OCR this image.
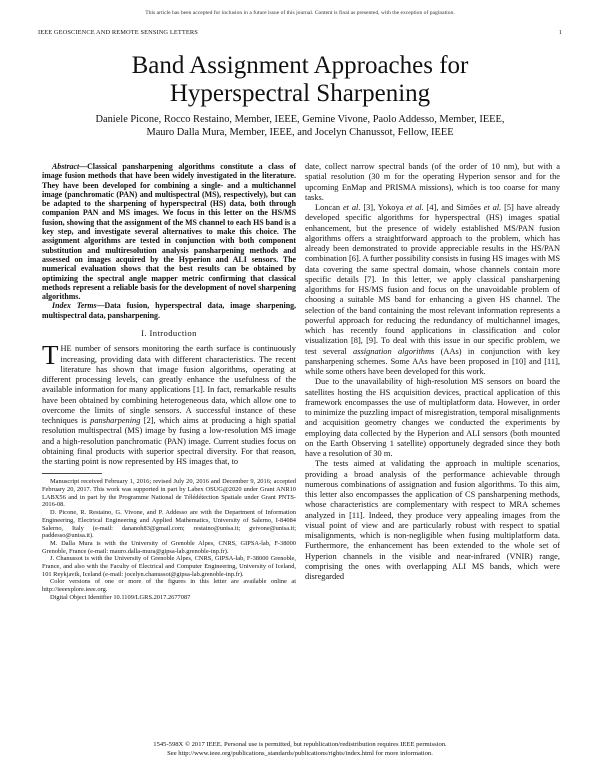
This article has been accepted for inclusion in a future issue of this journal. Content is final as presented, with the exception of pagination.
IEEE GEOSCIENCE AND REMOTE SENSING LETTERS	1
Band Assignment Approaches for
Hyperspectral Sharpening
Daniele Picone, Rocco Restaino, Member, IEEE, Gemine Vivone, Paolo Addesso, Member, IEEE,
Mauro Dalla Mura, Member, IEEE, and Jocelyn Chanussot, Fellow, IEEE

Abstract—Classical pansharpening algorithms constitute a class of image fusion methods that have been widely investigated in the literature. They have been developed for combining a single- and a multichannel image (panchromatic (PAN) and multispectral (MS), respectively), but can be adapted to the sharpening of hyperspectral (HS) data, both through companion PAN and MS images. We focus in this letter on the HS/MS fusion, showing that the assignment of the MS channel to each HS band is a key step, and investigate several alternatives to make this choice. The assignment algorithms are tested in conjunction with both component substitution and multiresolution analysis pansharpening methods and assessed on images acquired by the Hyperion and ALI sensors. The numerical evaluation shows that the best results can be obtained by optimizing the spectral angle mapper metric confirming that classical methods represent a reliable basis for the development of novel sharpening algorithms.

Index Terms—Data fusion, hyperspectral data, image sharpening, multispectral data, pansharpening.

I. Introduction

THE number of sensors monitoring the earth surface is continuously increasing, providing data with different characteristics. The recent literature has shown that image fusion algorithms, operating at different processing levels, can greatly enhance the usefulness of the available information for many applications [1]. In fact, remarkable results have been obtained by combining heterogeneous data, which allow one to overcome the limits of single sensors. A successful instance of these techniques is pansharpening [2], which aims at producing a high spatial resolution multispectral (MS) image by fusing a low-resolution MS image and a high-resolution panchromatic (PAN) image. Current studies focus on obtaining final products with superior spectral diversity. For that reason, the starting point is now represented by HS images that, to

Manuscript received February 1, 2016; revised July 20, 2016 and December 9, 2016; accepted February 20, 2017. This work was supported in part by Labex OSUG@2020 under Grant ANR10 LABX56 and in part by the Programme National de Télédétection Spatiale under Grant PNTS-2016-08.

D. Picone, R. Restaino, G. Vivone, and P. Addesso are with the Department of Information Engineering, Electrical Engineering and Applied Mathematics, University of Salerno, I-84084 Salerno, Italy (e-mail: dananoh83@gmail.com; restaino@unisa.it; gvivone@unisa.it; paddesso@unisa.it).

M. Dalla Mura is with the University of Grenoble Alpes, CNRS, GIPSA-lab, F-38000 Grenoble, France (e-mail: mauro.dalla-mura@gipsa-lab.grenoble-inp.fr).

J. Chanussot is with the University of Grenoble Alpes, CNRS, GIPSA-lab, F-38000 Grenoble, France, and also with the Faculty of Electrical and Computer Engineering, University of Iceland, 101 Reykjavik, Iceland (e-mail: jocelyn.chanussot@gipsa-lab.grenoble-inp.fr).

Color versions of one or more of the figures in this letter are available online at http://ieeexplore.ieee.org.

Digital Object Identifier 10.1109/LGRS.2017.2677087

date, collect narrow spectral bands (of the order of 10 nm), but with a spatial resolution (30 m for the operating Hyperion sensor and for the upcoming EnMap and PRISMA missions), which is too coarse for many tasks.

Loncan et al. [3], Yokoya et al. [4], and Simões et al. [5] have already developed specific algorithms for hyperspectral (HS) images spatial enhancement, but the presence of widely established MS/PAN fusion algorithms offers a straightforward approach to the problem, which has already been demonstrated to provide appreciable results in the HS/PAN combination [6]. A further possibility consists in fusing HS images with MS data covering the same spectral domain, whose channels contain more specific details [7]. In this letter, we apply classical pansharpening algorithms for HS/MS fusion and focus on the unavoidable problem of choosing a suitable MS band for enhancing a given HS channel. The selection of the band containing the most relevant information represents a powerful approach for reducing the redundancy of multichannel images, which has recently found applications in classification and color visualization [8], [9]. To deal with this issue in our specific problem, we test several assignation algorithms (AAs) in conjunction with key pansharpening schemes. Some AAs have been proposed in [10] and [11], while some others have been developed for this work.

Due to the unavailability of high-resolution MS sensors on board the satellites hosting the HS acquisition devices, practical application of this framework encompasses the use of multiplatform data. However, in order to minimize the puzzling impact of misregistration, temporal misalignments and acquisition geometry changes we conducted the experiments by employing data collected by the Hyperion and ALI sensors (both mounted on the Earth Observing 1 satellite) opportunely degraded since they both have a resolution of 30 m.

The tests aimed at validating the approach in multiple scenarios, providing a broad analysis of the performance achievable through numerous combinations of assignation and fusion algorithms. To this aim, this letter also encompasses the application of CS pansharpening methods, whose characteristics are complementary with respect to MRA schemes analyzed in [11]. Indeed, they produce very appealing images from the visual point of view and are particularly robust with respect to spatial misalignments, which is non-negligible when fusing multiplatform data. Furthermore, the enhancement has been extended to the whole set of Hyperion channels in the visible and near-infrared (VNIR) range, comprising the ones with overlapping ALI MS bands, which were disregarded

1545-598X © 2017 IEEE. Personal use is permitted, but republication/redistribution requires IEEE permission.
See http://www.ieee.org/publications_standards/publications/rights/index.html for more information.
